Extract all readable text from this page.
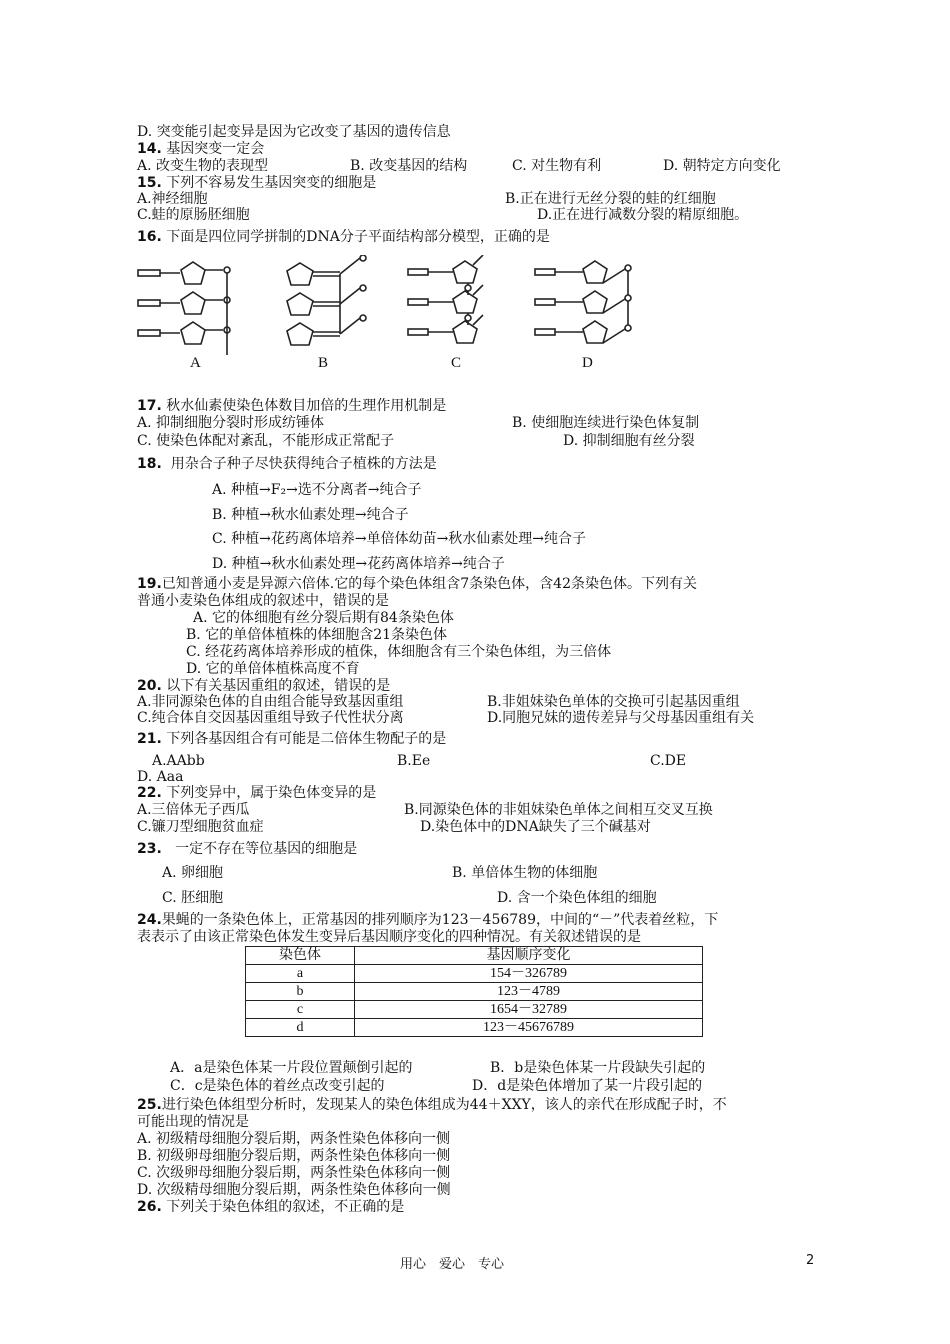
D. 突变能引起变异是因为它改变了基因的遗传信息
14. 基因突变一定会
A. 改变生物的表现型	B. 改变基因的结构	C. 对生物有利	D. 朝特定方向变化
15. 下列不容易发生基因突变的细胞是
A.神经细胞	B.正在进行无丝分裂的蛙的红细胞
C.蛙的原肠胚细胞	D.正在进行减数分裂的精原细胞。
16. 下面是四位同学拼制的DNA分子平面结构部分模型，正确的是
A	B	C	D
17. 秋水仙素使染色体数目加倍的生理作用机制是
A. 抑制细胞分裂时形成纺锤体	B. 使细胞连续进行染色体复制
C. 使染色体配对紊乱，不能形成正常配子	D. 抑制细胞有丝分裂
18. 用杂合子种子尽快获得纯合子植株的方法是
A. 种植→F₂→选不分离者→纯合子
B. 种植→秋水仙素处理→纯合子
C. 种植→花药离体培养→单倍体幼苗→秋水仙素处理→纯合子
D. 种植→秋水仙素处理→花药离体培养→纯合子
19.已知普通小麦是异源六倍体.它的每个染色体组含7条染色体，含42条染色体。下列有关
普通小麦染色体组成的叙述中，错误的是
A. 它的体细胞有丝分裂后期有84条染色体
B. 它的单倍体植株的体细胞含21条染色体
C. 经花药离体培养形成的植侏，体细胞含有三个染色体组，为三倍体
D. 它的单倍体植株高度不育
20. 以下有关基因重组的叙述，错误的是
A.非同源染色体的自由组合能导致基因重组	B.非姐妹染色单体的交换可引起基因重组
C.纯合体自交因基因重组导致子代性状分离	D.同胞兄妹的遗传差异与父母基因重组有关
21. 下列各基因组合有可能是二倍体生物配子的是
A.AAbb	B.Ee	C.DE
D. Aaa
22. 下列变异中，属于染色体变异的是
A.三倍体无子西瓜	B.同源染色体的非姐妹染色单体之间相互交叉互换
C.镰刀型细胞贫血症	D.染色体中的DNA缺失了三个碱基对
23. 一定不存在等位基因的细胞是
A. 卵细胞	B. 单倍体生物的体细胞
C. 胚细胞	D. 含一个染色体组的细胞
24.果蝇的一条染色体上，正常基因的排列顺序为123－456789，中间的“－”代表着丝粒，下
表表示了由该正常染色体发生变异后基因顺序变化的四种情况。有关叙述错误的是
染色体	基因顺序变化
a	154－326789
b	123－4789
c	1654－32789
d	123－45676789
A．a是染色体某一片段位置颠倒引起的	B．b是染色体某一片段缺失引起的
C．c是染色体的着丝点改变引起的	D．d是染色体增加了某一片段引起的
25.进行染色体组型分析时，发现某人的染色体组成为44＋XXY，该人的亲代在形成配子时，不
可能出现的情况是
A. 初级精母细胞分裂后期，两条性染色体移向一侧
B. 初级卵母细胞分裂后期，两条性染色体移向一侧
C. 次级卵母细胞分裂后期，两条性染色体移向一侧
D. 次级精母细胞分裂后期，两条性染色体移向一侧
26. 下列关于染色体组的叙述，不正确的是
用心　爱心　专心	2
